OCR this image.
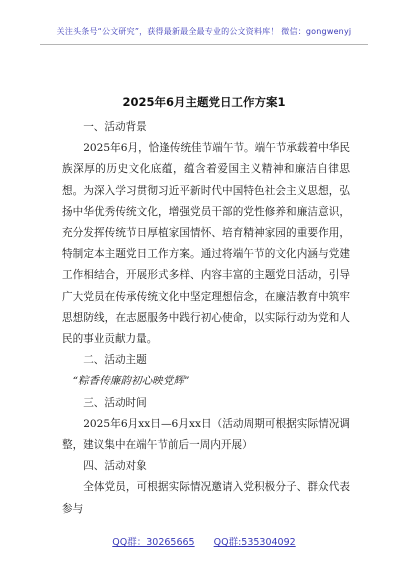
关注头条号“公文研究”，获得最新最全最专业的公文资料库！ 微信：gongwenyj
2025年6月主题党日工作方案1

一、活动背景

2025年6月，恰逢传统佳节端午节。端午节承载着中华民族深厚的历史文化底蕴，蕴含着爱国主义精神和廉洁自律思想。为深入学习贯彻习近平新时代中国特色社会主义思想，弘扬中华优秀传统文化，增强党员干部的党性修养和廉洁意识，充分发挥传统节日厚植家国情怀、培育精神家园的重要作用，特制定本主题党日工作方案。通过将端午节的文化内涵与党建工作相结合，开展形式多样、内容丰富的主题党日活动，引导广大党员在传承传统文化中坚定理想信念，在廉洁教育中筑牢思想防线，在志愿服务中践行初心使命，以实际行动为党和人民的事业贡献力量。

二、活动主题

“粽香传廉韵初心映党辉”

三、活动时间

2025年6月xx日—6月xx日（活动周期可根据实际情况调整，建议集中在端午节前后一周内开展）

四、活动对象

全体党员，可根据实际情况邀请入党积极分子、群众代表参与

QQ群：30265665 QQ群:535304092
